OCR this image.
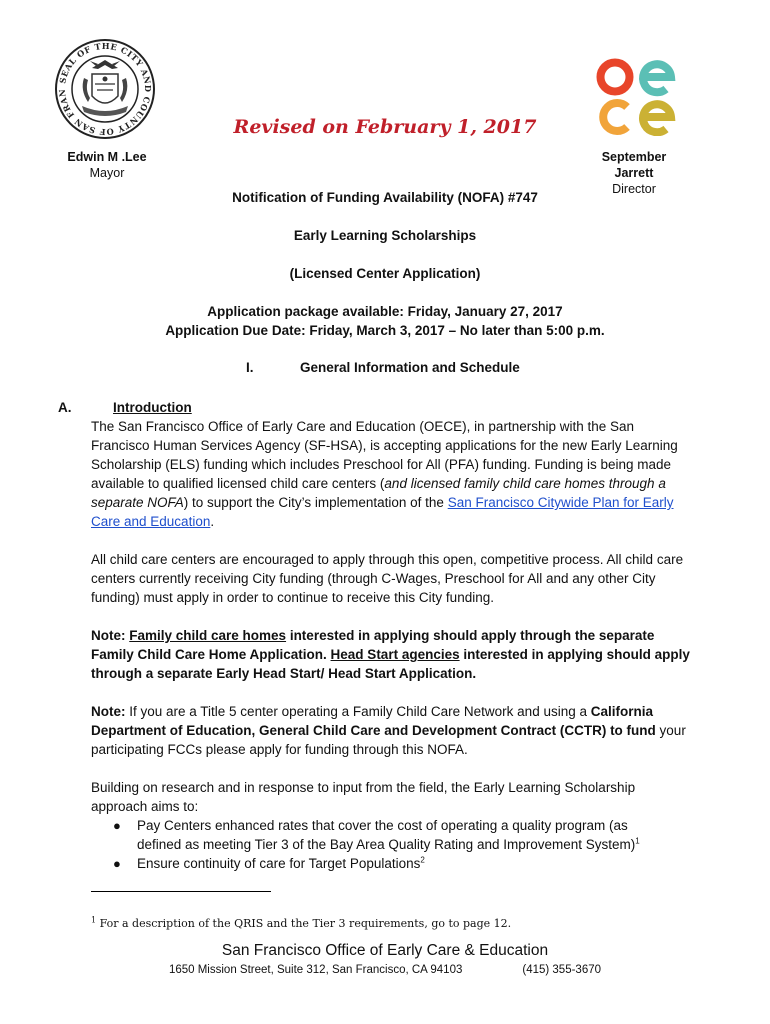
SEAL OF THE CITY AND COUNTY OF SAN FRAN
Revised on February 1, 2017
Edwin M .Lee
Mayor
September Jarrett
Director
Notification of Funding Availability (NOFA) #747
Early Learning Scholarships
(Licensed Center Application)
Application package available: Friday, January 27, 2017
Application Due Date: Friday, March 3, 2017 – No later than 5:00 p.m.
I.	General Information and Schedule
A.	Introduction
The San Francisco Office of Early Care and Education (OECE), in partnership with the San Francisco Human Services Agency (SF-HSA), is accepting applications for the new Early Learning Scholarship (ELS) funding which includes Preschool for All (PFA) funding. Funding is being made available to qualified licensed child care centers (and licensed family child care homes through a separate NOFA) to support the City’s implementation of the San Francisco Citywide Plan for Early Care and Education.
All child care centers are encouraged to apply through this open, competitive process. All child care centers currently receiving City funding (through C-Wages, Preschool for All and any other City funding) must apply in order to continue to receive this City funding.
Note: Family child care homes interested in applying should apply through the separate Family Child Care Home Application. Head Start agencies interested in applying should apply through a separate Early Head Start/ Head Start Application.
Note: If you are a Title 5 center operating a Family Child Care Network and using a California Department of Education, General Child Care and Development Contract (CCTR) to fund your participating FCCs please apply for funding through this NOFA.
Building on research and in response to input from the field, the Early Learning Scholarship approach aims to:
●	Pay Centers enhanced rates that cover the cost of operating a quality program (as defined as meeting Tier 3 of the Bay Area Quality Rating and Improvement System)$^1$
●	Ensure continuity of care for Target Populations$^2$
$^1$ For a description of the QRIS and the Tier 3 requirements, go to page 12.
San Francisco Office of Early Care & Education
1650 Mission Street, Suite 312, San Francisco, CA 94103	(415) 355-3670
